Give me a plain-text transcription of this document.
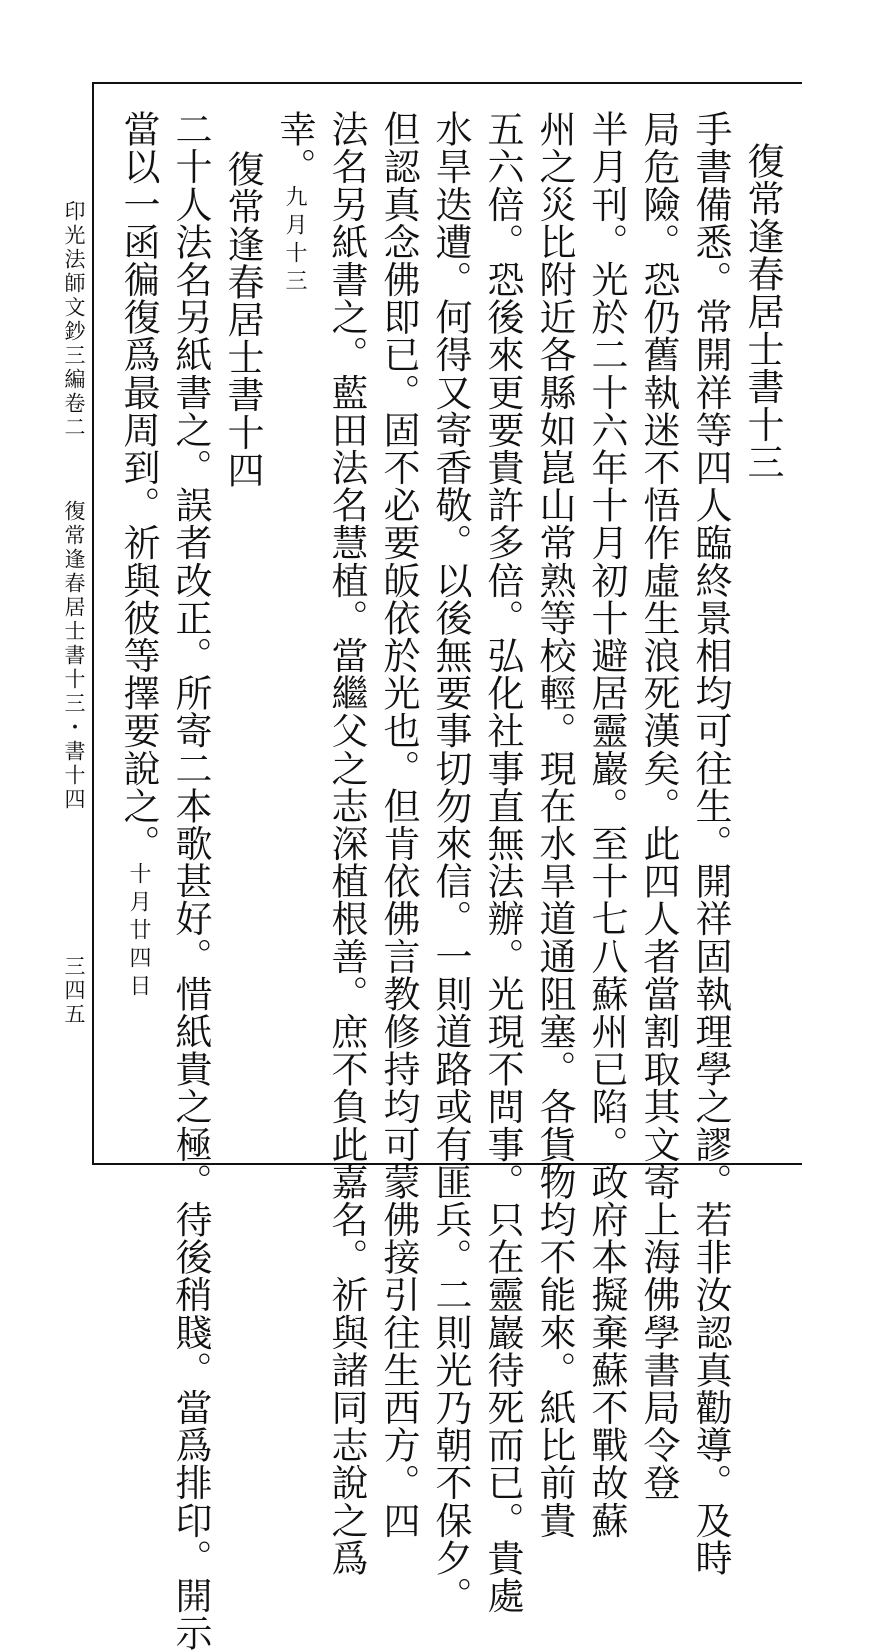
復常逢春居士書十三
手書備悉。常開祥等四人臨終景相均可往生。開祥固執理學之謬。若非汝認真勸導。及時
局危險。恐仍舊執迷不悟作虛生浪死漢矣。此四人者當割取其文寄上海佛學書局令登
半月刊。光於二十六年十月初十避居靈巖。至十七八蘇州已陷。政府本擬棄蘇不戰故蘇
州之災比附近各縣如崑山常熟等校輕。現在水旱道通阻塞。各貨物均不能來。紙比前貴
五六倍。恐後來更要貴許多倍。弘化社事直無法辦。光現不問事。只在靈巖待死而已。貴處
水旱迭遭。何得又寄香敬。以後無要事切勿來信。一則道路或有匪兵。二則光乃朝不保夕。
但認真念佛即已。固不必要皈依於光也。但肯依佛言教修持均可蒙佛接引往生西方。四
法名另紙書之。藍田法名慧植。當繼父之志深植根善。庶不負此嘉名。祈與諸同志說之爲
幸。九月十三
復常逢春居士書十四
二十人法名另紙書之。誤者改正。所寄二本歌甚好。惜紙貴之極。待後稍賤。當爲排印。開示
當以一函徧復爲最周到。祈與彼等擇要說之。十月廿四日
印光法師文鈔三編卷二
復常逢春居士書十三・書十四
三四五
